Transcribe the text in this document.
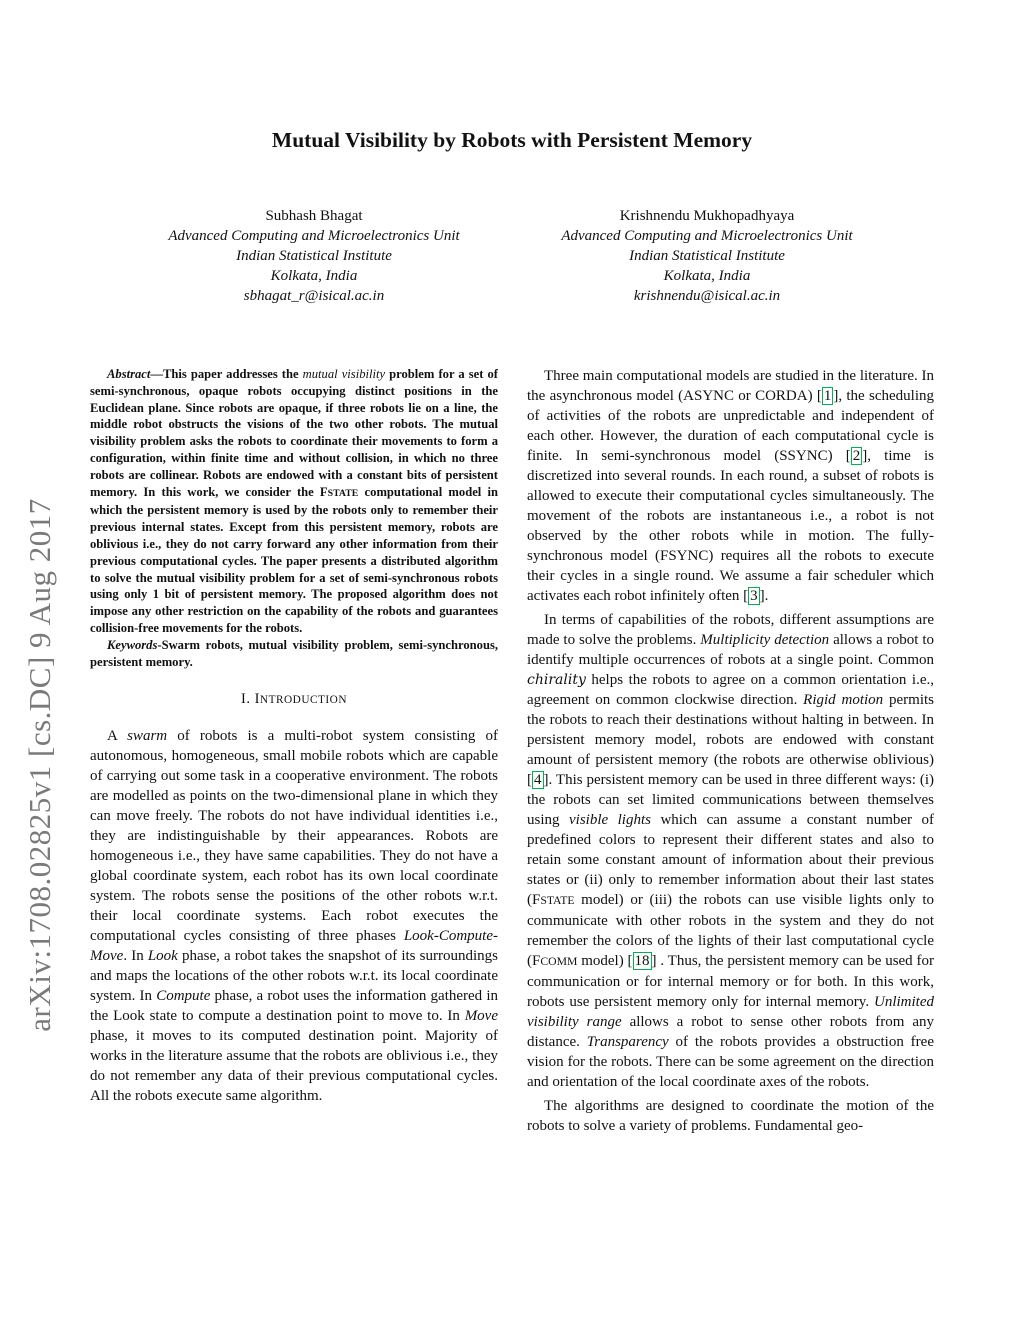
arXiv:1708.02825v1 [cs.DC] 9 Aug 2017
Mutual Visibility by Robots with Persistent Memory
Subhash Bhagat
Advanced Computing and Microelectronics Unit
Indian Statistical Institute
Kolkata, India
sbhagat_r@isical.ac.in
Krishnendu Mukhopadhyaya
Advanced Computing and Microelectronics Unit
Indian Statistical Institute
Kolkata, India
krishnendu@isical.ac.in

Abstract—This paper addresses the mutual visibility problem for a set of semi-synchronous, opaque robots occupying distinct positions in the Euclidean plane. Since robots are opaque, if three robots lie on a line, the middle robot obstructs the visions of the two other robots. The mutual visibility problem asks the robots to coordinate their movements to form a configuration, within finite time and without collision, in which no three robots are collinear. Robots are endowed with a constant bits of persistent memory. In this work, we consider the FSTATE computational model in which the persistent memory is used by the robots only to remember their previous internal states. Except from this persistent memory, robots are oblivious i.e., they do not carry forward any other information from their previous computational cycles. The paper presents a distributed algorithm to solve the mutual visibility problem for a set of semi-synchronous robots using only 1 bit of persistent memory. The proposed algorithm does not impose any other restriction on the capability of the robots and guarantees collision-free movements for the robots.

Keywords-Swarm robots, mutual visibility problem, semi-synchronous, persistent memory.

I. INTRODUCTION

A swarm of robots is a multi-robot system consisting of autonomous, homogeneous, small mobile robots which are capable of carrying out some task in a cooperative environment. The robots are modelled as points on the two-dimensional plane in which they can move freely. The robots do not have individual identities i.e., they are indistinguishable by their appearances. Robots are homogeneous i.e., they have same capabilities. They do not have a global coordinate system, each robot has its own local coordinate system. The robots sense the positions of the other robots w.r.t. their local coordinate systems. Each robot executes the computational cycles consisting of three phases Look-Compute-Move. In Look phase, a robot takes the snapshot of its surroundings and maps the locations of the other robots w.r.t. its local coordinate system. In Compute phase, a robot uses the information gathered in the Look state to compute a destination point to move to. In Move phase, it moves to its computed destination point. Majority of works in the literature assume that the robots are oblivious i.e., they do not remember any data of their previous computational cycles. All the robots execute same algorithm.

Three main computational models are studied in the literature. In the asynchronous model (ASYNC or CORDA) [ 1 ], the scheduling of activities of the robots are unpredictable and independent of each other. However, the duration of each computational cycle is finite. In semi-synchronous model (SSYNC) [ 2 ], time is discretized into several rounds. In each round, a subset of robots is allowed to execute their computational cycles simultaneously. The movement of the robots are instantaneous i.e., a robot is not observed by the other robots while in motion. The fully-synchronous model (FSYNC) requires all the robots to execute their cycles in a single round. We assume a fair scheduler which activates each robot infinitely often [ 3 ].

In terms of capabilities of the robots, different assumptions are made to solve the problems. Multiplicity detection allows a robot to identify multiple occurrences of robots at a single point. Common chirality helps the robots to agree on a common orientation i.e., agreement on common clockwise direction. Rigid motion permits the robots to reach their destinations without halting in between. In persistent memory model, robots are endowed with constant amount of persistent memory (the robots are otherwise oblivious) [ 4 ]. This persistent memory can be used in three different ways: (i) the robots can set limited communications between themselves using visible lights which can assume a constant number of predefined colors to represent their different states and also to retain some constant amount of information about their previous states or (ii) only to remember information about their last states (FSTATE model) or (iii) the robots can use visible lights only to communicate with other robots in the system and they do not remember the colors of the lights of their last computational cycle (FCOMM model) [ 18 ] . Thus, the persistent memory can be used for communication or for internal memory or for both. In this work, robots use persistent memory only for internal memory. Unlimited visibility range allows a robot to sense other robots from any distance. Transparency of the robots provides a obstruction free vision for the robots. There can be some agreement on the direction and orientation of the local coordinate axes of the robots.

The algorithms are designed to coordinate the motion of the robots to solve a variety of problems. Fundamental geo-
